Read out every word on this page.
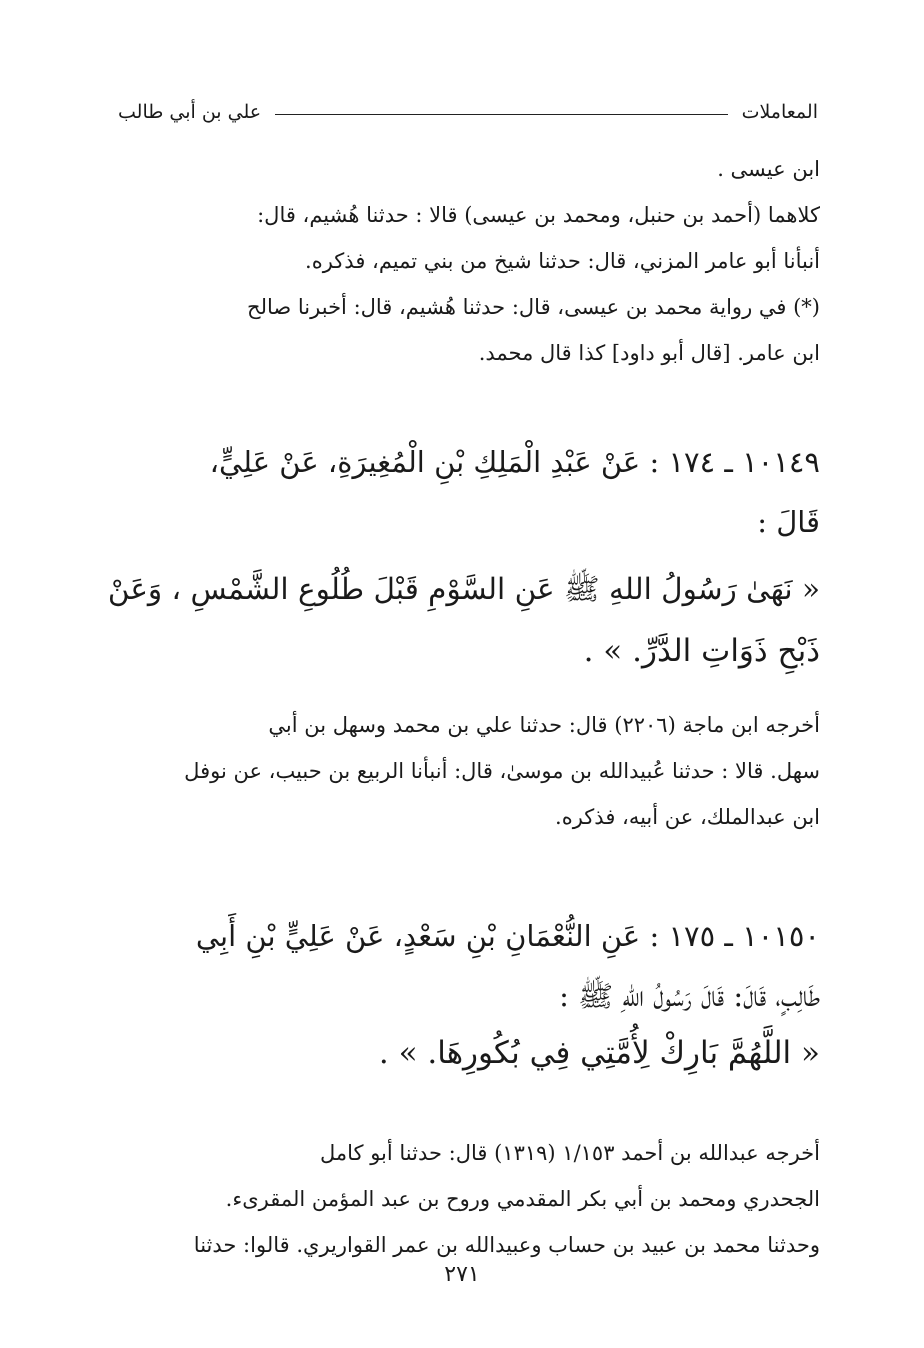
المعاملات
علي بن أبي طالب
ابن عيسى .
كلاهما (أحمد بن حنبل، ومحمد بن عيسى) قالا : حدثنا هُشيم، قال:
أنبأنا أبو عامر المزني، قال: حدثنا شيخ من بني تميم، فذكره.
(*) في رواية محمد بن عيسى، قال: حدثنا هُشيم، قال: أخبرنا صالح
ابن عامر. [قال أبو داود] كذا قال محمد.
١٠١٤٩ ـ ١٧٤ : عَنْ عَبْدِ الْمَلِكِ بْنِ الْمُغِيرَةِ، عَنْ عَلِيٍّ،
قَالَ :
« نَهَىٰ رَسُولُ اللهِ ﷺ عَنِ السَّوْمِ قَبْلَ طُلُوعِ الشَّمْسِ ، وَعَنْ
ذَبْحِ ذَوَاتِ الدَّرِّ. » .
أخرجه ابن ماجة (٢٢٠٦) قال: حدثنا علي بن محمد وسهل بن أبي
سهل. قالا : حدثنا عُبيدالله بن موسىٰ، قال: أنبأنا الربيع بن حبيب، عن نوفل
ابن عبدالملك، عن أبيه، فذكره.
١٠١٥٠ ـ ١٧٥ : عَنِ النُّعْمَانِ بْنِ سَعْدٍ، عَنْ عَلِيٍّ بْنِ أَبِي
طَالِبٍ، قَالَ: قَالَ رَسُولُ اللهِ ﷺ :
« اللَّهُمَّ بَارِكْ لِأُمَّتِي فِي بُكُورِهَا. » .
أخرجه عبدالله بن أحمد ١/١٥٣ (١٣١٩) قال: حدثنا أبو كامل
الجحدري ومحمد بن أبي بكر المقدمي وروح بن عبد المؤمن المقرىء.
وحدثنا محمد بن عبيد بن حساب وعبيدالله بن عمر القواريري. قالوا: حدثنا
٢٧١
